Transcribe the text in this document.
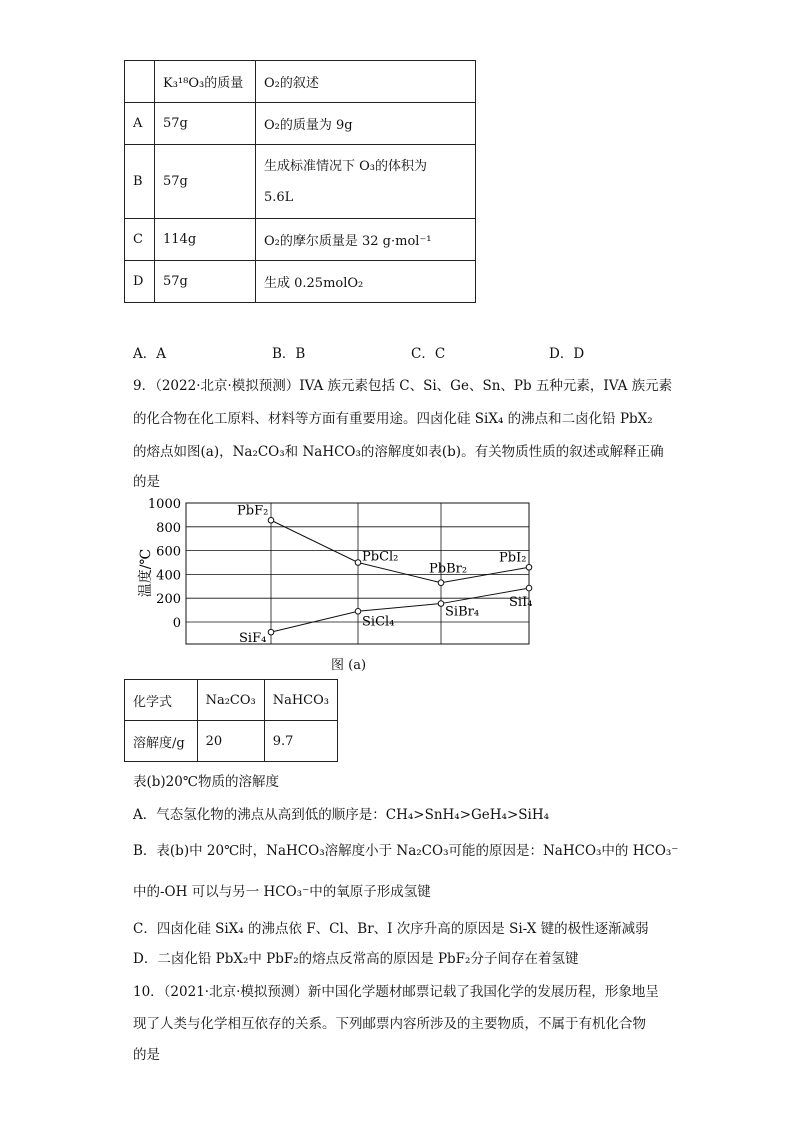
	K₃¹⁸O₃的质量	O₂的叙述
A	57g	O₂的质量为 9g
B	57g	生成标准情况下 O₃的体积为
5.6L

C	114g	O₂的摩尔质量是 32 g·mol⁻¹
D	57g	生成 0.25molO₂
A．A	B．B	C．C	D．D
9．（2022·北京·模拟预测）IVA 族元素包括 C、Si、Ge、Sn、Pb 五种元素，IVA 族元素
的化合物在化工原料、材料等方面有重要用途。四卤化硅 SiX₄ 的沸点和二卤化铅 PbX₂
的熔点如图(a)，Na₂CO₃和 NaHCO₃的溶解度如表(b)。有关物质性质的叙述或解释正确
的是
1000
800
600
400
200
0
温度/℃
PbF₂
PbCl₂
PbBr₂
PbI₂
SiF₄
SiCl₄
SiBr₄
SiI₄
图 (a)
化学式	Na₂CO₃	NaHCO₃
溶解度/g	20	9.7
表(b)20℃物质的溶解度
A．气态氢化物的沸点从高到低的顺序是：CH₄>SnH₄>GeH₄>SiH₄
B．表(b)中 20℃时，NaHCO₃溶解度小于 Na₂CO₃可能的原因是：NaHCO₃中的 HCO₃⁻
中的-OH 可以与另一 HCO₃⁻中的氧原子形成氢键
C．四卤化硅 SiX₄ 的沸点依 F、Cl、Br、I 次序升高的原因是 Si-X 键的极性逐渐减弱
D．二卤化铅 PbX₂中 PbF₂的熔点反常高的原因是 PbF₂分子间存在着氢键
10．（2021·北京·模拟预测）新中国化学题材邮票记载了我国化学的发展历程，形象地呈
现了人类与化学相互依存的关系。下列邮票内容所涉及的主要物质，不属于有机化合物
的是
